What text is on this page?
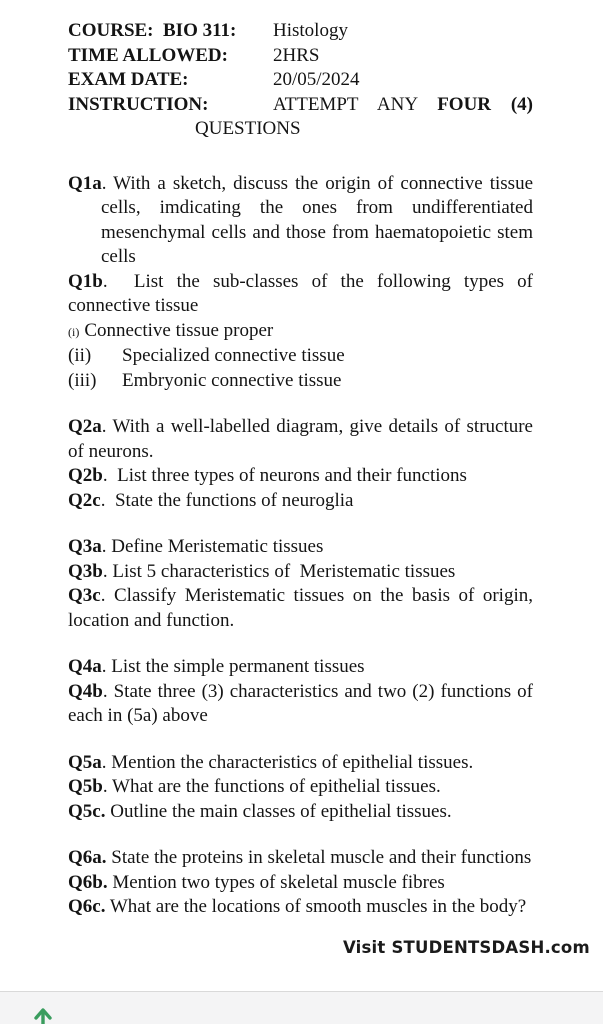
COURSE:  BIO 311:	Histology
TIME ALLOWED:	2HRS
EXAM DATE:	20/05/2024
INSTRUCTION:	ATTEMPT ANY FOUR (4)
QUESTIONS

Q1a. With a sketch, discuss the origin of connective tissue cells, imdicating the ones from undifferentiated mesenchymal cells and those from haematopoietic stem cells

Q1b.  List the sub-classes of the following types of connective tissue

(i) Connective tissue proper
(ii) Specialized connective tissue
(iii) Embryonic connective tissue

Q2a. With a well-labelled diagram, give details of structure of neurons.

Q2b.  List three types of neurons and their functions

Q2c.  State the functions of neuroglia

Q3a. Define Meristematic tissues

Q3b. List 5 characteristics of  Meristematic tissues

Q3c. Classify Meristematic tissues on the basis of origin, location and function.

Q4a. List the simple permanent tissues

Q4b. State three (3) characteristics and two (2) functions of each in (5a) above

Q5a. Mention the characteristics of epithelial tissues.

Q5b. What are the functions of epithelial tissues.

Q5c. Outline the main classes of epithelial tissues.

Q6a. State the proteins in skeletal muscle and their functions

Q6b. Mention two types of skeletal muscle fibres

Q6c. What are the locations of smooth muscles in the body?

Visit STUDENTSDASH.com
